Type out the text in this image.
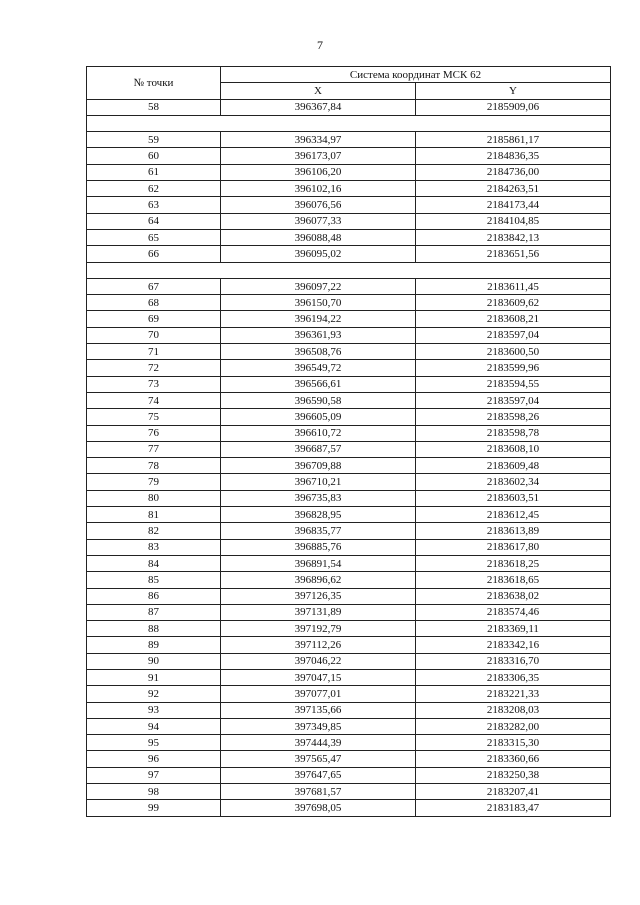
7
№ точки	Система координат МСК 62	
	X	Y
58	396367,84	2185909,06

59	396334,97	2185861,17
60	396173,07	2184836,35
61	396106,20	2184736,00
62	396102,16	2184263,51
63	396076,56	2184173,44
64	396077,33	2184104,85
65	396088,48	2183842,13
66	396095,02	2183651,56

67	396097,22	2183611,45
68	396150,70	2183609,62
69	396194,22	2183608,21
70	396361,93	2183597,04
71	396508,76	2183600,50
72	396549,72	2183599,96
73	396566,61	2183594,55
74	396590,58	2183597,04
75	396605,09	2183598,26
76	396610,72	2183598,78
77	396687,57	2183608,10
78	396709,88	2183609,48
79	396710,21	2183602,34
80	396735,83	2183603,51
81	396828,95	2183612,45
82	396835,77	2183613,89
83	396885,76	2183617,80
84	396891,54	2183618,25
85	396896,62	2183618,65
86	397126,35	2183638,02
87	397131,89	2183574,46
88	397192,79	2183369,11
89	397112,26	2183342,16
90	397046,22	2183316,70
91	397047,15	2183306,35
92	397077,01	2183221,33
93	397135,66	2183208,03
94	397349,85	2183282,00
95	397444,39	2183315,30
96	397565,47	2183360,66
97	397647,65	2183250,38
98	397681,57	2183207,41
99	397698,05	2183183,47
